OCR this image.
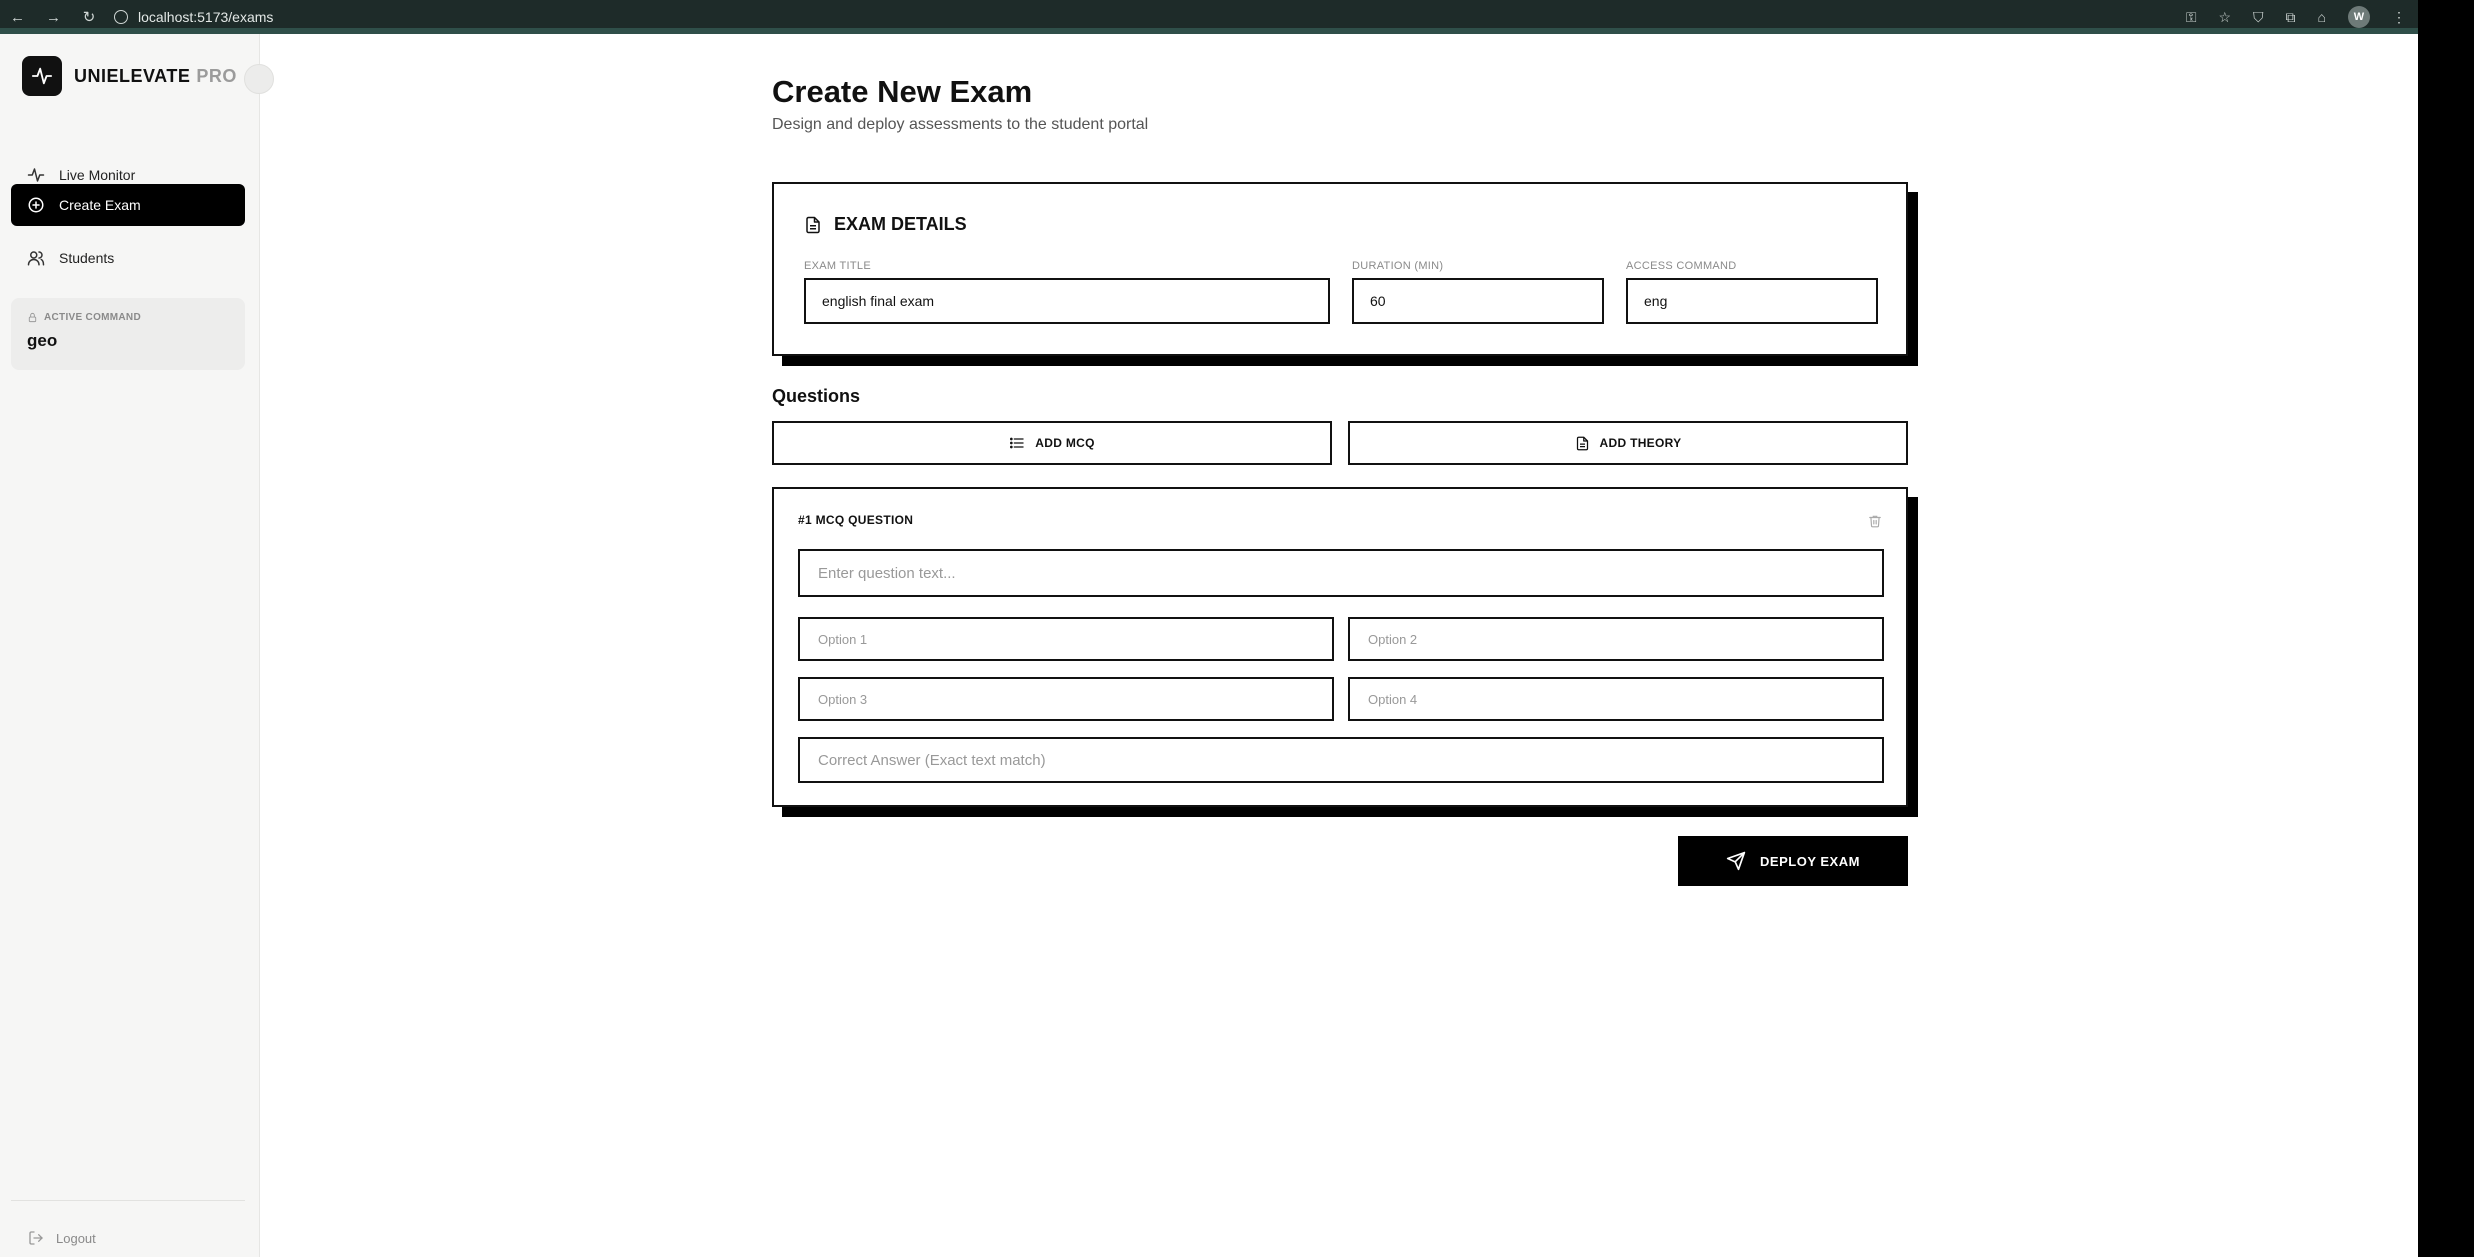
← → ↻	localhost:5173/exams	⚿ ☆ ⛉ ⧉ ⌂	W	⋮
UNIELEVATE PRO
Live Monitor
Create Exam
Students
ACTIVE COMMAND
geo
Logout
Create New Exam

Design and deploy assessments to the student portal

EXAM DETAILS
EXAM TITLE
english final exam
DURATION (MIN)
60
ACCESS COMMAND
eng
Questions
ADD MCQ	ADD THEORY
#1 MCQ QUESTION
Enter question text...
Option 1	Option 2
Option 3	Option 4
Correct Answer (Exact text match)
DEPLOY EXAM
